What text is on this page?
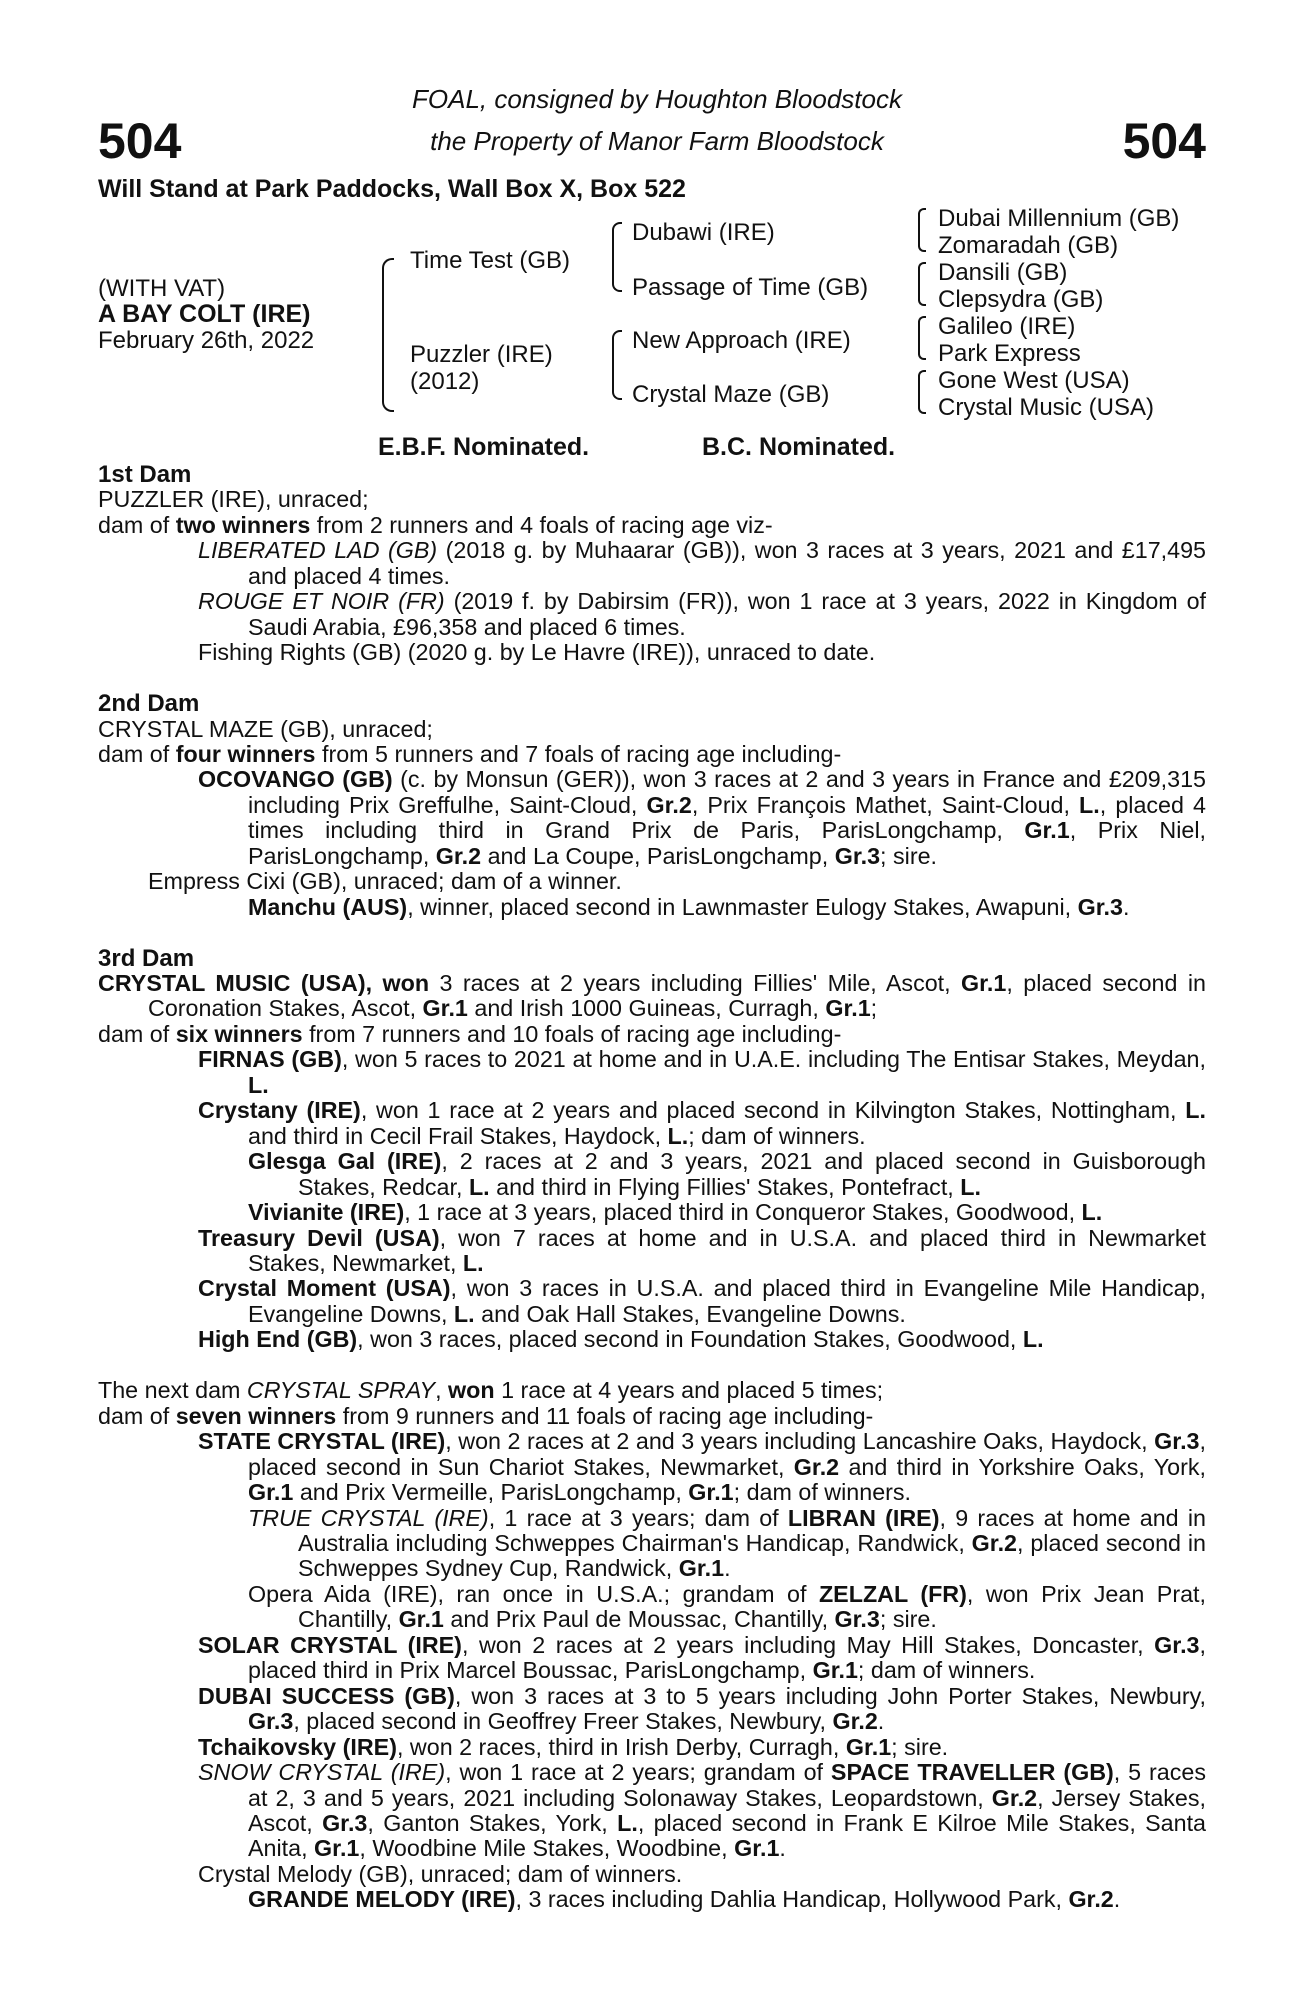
504	504
FOAL, consigned by Houghton Bloodstock
the Property of Manor Farm Bloodstock
Will Stand at Park Paddocks, Wall Box X, Box 522
(WITH VAT)
A BAY COLT (IRE)
February 26th, 2022
Time Test (GB)
Puzzler (IRE)
(2012)
Dubawi (IRE)
Passage of Time (GB)
New Approach (IRE)
Crystal Maze (GB)
Dubai Millennium (GB)
Zomaradah (GB)
Dansili (GB)
Clepsydra (GB)
Galileo (IRE)
Park Express
Gone West (USA)
Crystal Music (USA)
E.B.F. Nominated.	B.C. Nominated.

1st Dam

PUZZLER (IRE), unraced;

dam of two winners from 2 runners and 4 foals of racing age viz-

LIBERATED LAD (GB) (2018 g. by Muhaarar (GB)), won 3 races at 3 years, 2021 and £17,495 and placed 4 times.

ROUGE ET NOIR (FR) (2019 f. by Dabirsim (FR)), won 1 race at 3 years, 2022 in Kingdom of Saudi Arabia, £96,358 and placed 6 times.

Fishing Rights (GB) (2020 g. by Le Havre (IRE)), unraced to date.

2nd Dam

CRYSTAL MAZE (GB), unraced;

dam of four winners from 5 runners and 7 foals of racing age including-

OCOVANGO (GB) (c. by Monsun (GER)), won 3 races at 2 and 3 years in France and £209,315 including Prix Greffulhe, Saint-Cloud, Gr.2, Prix François Mathet, Saint-Cloud, L., placed 4 times including third in Grand Prix de Paris, ParisLongchamp, Gr.1, Prix Niel, ParisLongchamp, Gr.2 and La Coupe, ParisLongchamp, Gr.3; sire.

Empress Cixi (GB), unraced; dam of a winner.

Manchu (AUS), winner, placed second in Lawnmaster Eulogy Stakes, Awapuni, Gr.3.

3rd Dam

CRYSTAL MUSIC (USA), won 3 races at 2 years including Fillies' Mile, Ascot, Gr.1, placed second in Coronation Stakes, Ascot, Gr.1 and Irish 1000 Guineas, Curragh, Gr.1;

dam of six winners from 7 runners and 10 foals of racing age including-

FIRNAS (GB), won 5 races to 2021 at home and in U.A.E. including The Entisar Stakes, Meydan, L.

Crystany (IRE), won 1 race at 2 years and placed second in Kilvington Stakes, Nottingham, L. and third in Cecil Frail Stakes, Haydock, L.; dam of winners.

Glesga Gal (IRE), 2 races at 2 and 3 years, 2021 and placed second in Guisborough Stakes, Redcar, L. and third in Flying Fillies' Stakes, Pontefract, L.

Vivianite (IRE), 1 race at 3 years, placed third in Conqueror Stakes, Goodwood, L.

Treasury Devil (USA), won 7 races at home and in U.S.A. and placed third in Newmarket Stakes, Newmarket, L.

Crystal Moment (USA), won 3 races in U.S.A. and placed third in Evangeline Mile Handicap, Evangeline Downs, L. and Oak Hall Stakes, Evangeline Downs.

High End (GB), won 3 races, placed second in Foundation Stakes, Goodwood, L.

The next dam CRYSTAL SPRAY, won 1 race at 4 years and placed 5 times;

dam of seven winners from 9 runners and 11 foals of racing age including-

STATE CRYSTAL (IRE), won 2 races at 2 and 3 years including Lancashire Oaks, Haydock, Gr.3, placed second in Sun Chariot Stakes, Newmarket, Gr.2 and third in Yorkshire Oaks, York, Gr.1 and Prix Vermeille, ParisLongchamp, Gr.1; dam of winners.

TRUE CRYSTAL (IRE), 1 race at 3 years; dam of LIBRAN (IRE), 9 races at home and in Australia including Schweppes Chairman's Handicap, Randwick, Gr.2, placed second in Schweppes Sydney Cup, Randwick, Gr.1.

Opera Aida (IRE), ran once in U.S.A.; grandam of ZELZAL (FR), won Prix Jean Prat, Chantilly, Gr.1 and Prix Paul de Moussac, Chantilly, Gr.3; sire.

SOLAR CRYSTAL (IRE), won 2 races at 2 years including May Hill Stakes, Doncaster, Gr.3, placed third in Prix Marcel Boussac, ParisLongchamp, Gr.1; dam of winners.

DUBAI SUCCESS (GB), won 3 races at 3 to 5 years including John Porter Stakes, Newbury, Gr.3, placed second in Geoffrey Freer Stakes, Newbury, Gr.2.

Tchaikovsky (IRE), won 2 races, third in Irish Derby, Curragh, Gr.1; sire.

SNOW CRYSTAL (IRE), won 1 race at 2 years; grandam of SPACE TRAVELLER (GB), 5 races at 2, 3 and 5 years, 2021 including Solonaway Stakes, Leopardstown, Gr.2, Jersey Stakes, Ascot, Gr.3, Ganton Stakes, York, L., placed second in Frank E Kilroe Mile Stakes, Santa Anita, Gr.1, Woodbine Mile Stakes, Woodbine, Gr.1.

Crystal Melody (GB), unraced; dam of winners.

GRANDE MELODY (IRE), 3 races including Dahlia Handicap, Hollywood Park, Gr.2.
